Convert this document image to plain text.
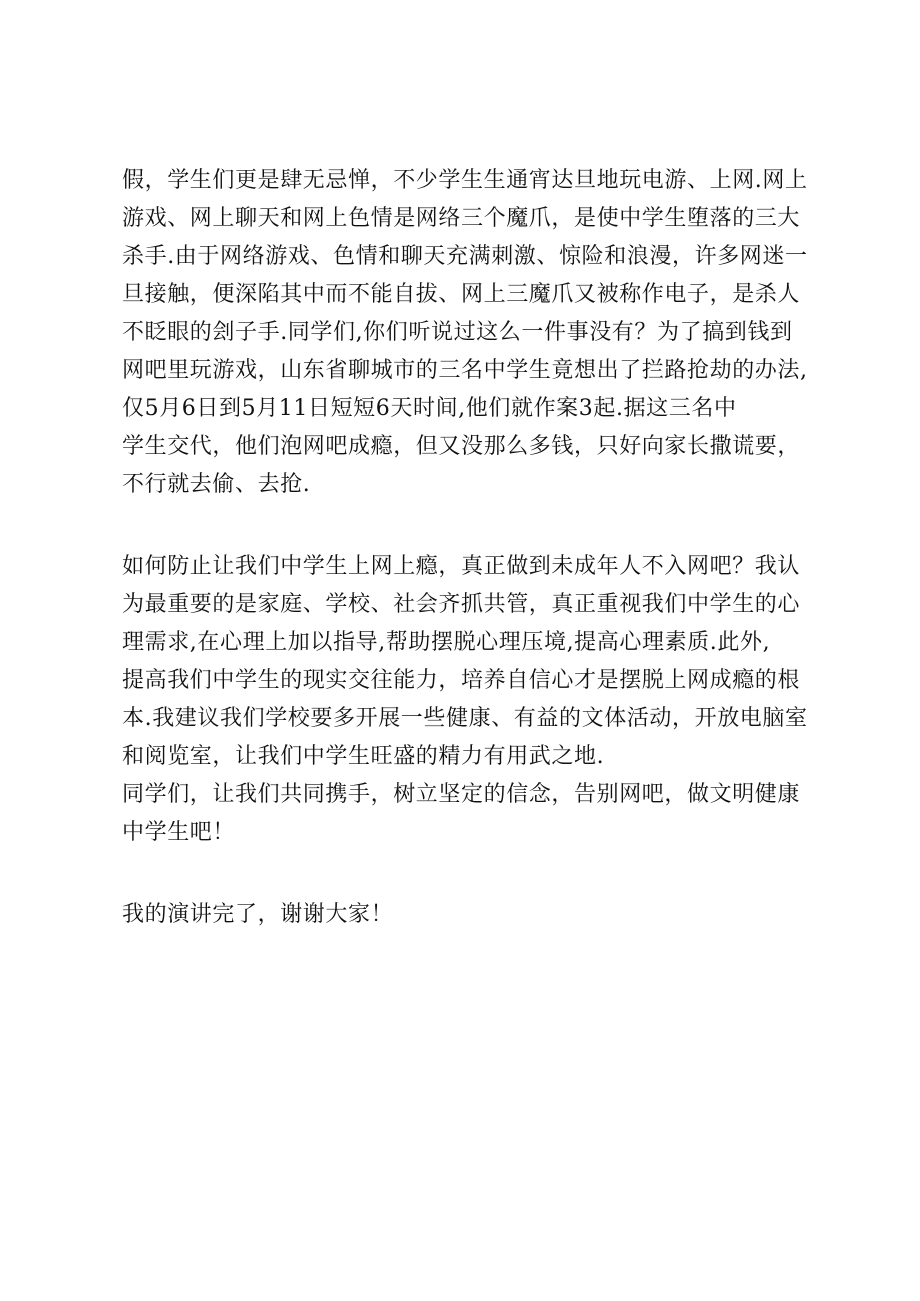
假，学生们更是肆无忌惮，不少学生生通宵达旦地玩电游、上网.网上
游戏、网上聊天和网上色情是网络三个魔爪，是使中学生堕落的三大
杀手.由于网络游戏、色情和聊天充满刺激、惊险和浪漫，许多网迷一
旦接触，便深陷其中而不能自拔、网上三魔爪又被称作电子，是杀人
不眨眼的刽子手.同学们,你们听说过这么一件事没有？为了搞到钱到
网吧里玩游戏，山东省聊城市的三名中学生竟想出了拦路抢劫的办法,
仅5月6日到5月11日短短6天时间,他们就作案3起.据这三名中
学生交代，他们泡网吧成瘾，但又没那么多钱，只好向家长撒谎要，
不行就去偷、去抢.
如何防止让我们中学生上网上瘾，真正做到未成年人不入网吧？我认
为最重要的是家庭、学校、社会齐抓共管，真正重视我们中学生的心
理需求,在心理上加以指导,帮助摆脱心理压境,提高心理素质.此外,
提高我们中学生的现实交往能力，培养自信心才是摆脱上网成瘾的根
本.我建议我们学校要多开展一些健康、有益的文体活动，开放电脑室
和阅览室，让我们中学生旺盛的精力有用武之地.
同学们，让我们共同携手，树立坚定的信念，告别网吧，做文明健康
中学生吧！
我的演讲完了，谢谢大家！
